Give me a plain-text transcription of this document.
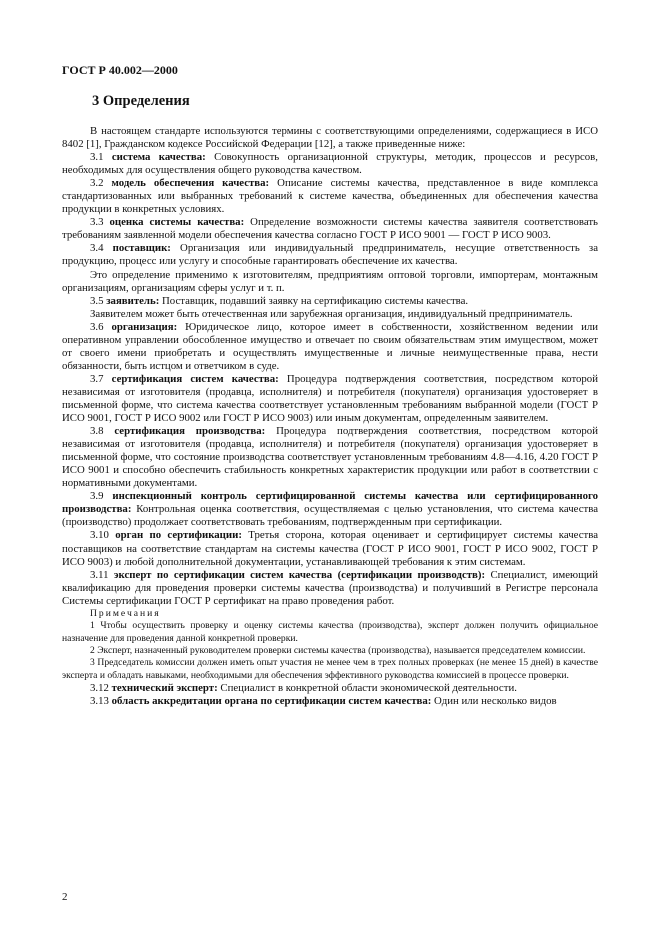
ГОСТ Р 40.002—2000
3 Определения

В настоящем стандарте используются термины с соответствующими определениями, содержащиеся в ИСО 8402 [1], Гражданском кодексе Российской Федерации [12], а также приведенные ниже:

3.1 система качества: Совокупность организационной структуры, методик, процессов и ресурсов, необходимых для осуществления общего руководства качеством.

3.2 модель обеспечения качества: Описание системы качества, представленное в виде комплекса стандартизованных или выбранных требований к системе качества, объединенных для обеспечения качества продукции в конкретных условиях.

3.3 оценка системы качества: Определение возможности системы качества заявителя соответствовать требованиям заявленной модели обеспечения качества согласно ГОСТ Р ИСО 9001 — ГОСТ Р ИСО 9003.

3.4 поставщик: Организация или индивидуальный предприниматель, несущие ответственность за продукцию, процесс или услугу и способные гарантировать обеспечение их качества.

Это определение применимо к изготовителям, предприятиям оптовой торговли, импортерам, монтажным организациям, организациям сферы услуг и т. п.

3.5 заявитель: Поставщик, подавший заявку на сертификацию системы качества.

Заявителем может быть отечественная или зарубежная организация, индивидуальный предприниматель.

3.6 организация: Юридическое лицо, которое имеет в собственности, хозяйственном ведении или оперативном управлении обособленное имущество и отвечает по своим обязательствам этим имуществом, может от своего имени приобретать и осуществлять имущественные и личные неимущественные права, нести обязанности, быть истцом и ответчиком в суде.

3.7 сертификация систем качества: Процедура подтверждения соответствия, посредством которой независимая от изготовителя (продавца, исполнителя) и потребителя (покупателя) организация удостоверяет в письменной форме, что система качества соответствует установленным требованиям выбранной модели (ГОСТ Р ИСО 9001, ГОСТ Р ИСО 9002 или ГОСТ Р ИСО 9003) или иным документам, определенным заявителем.

3.8 сертификация производства: Процедура подтверждения соответствия, посредством которой независимая от изготовителя (продавца, исполнителя) и потребителя (покупателя) организация удостоверяет в письменной форме, что состояние производства соответствует установленным требованиям 4.8—4.16, 4.20 ГОСТ Р ИСО 9001 и способно обеспечить стабильность конкретных характеристик продукции или работ в соответствии с нормативными документами.

3.9 инспекционный контроль сертифицированной системы качества или сертифицированного производства: Контрольная оценка соответствия, осуществляемая с целью установления, что система качества (производство) продолжает соответствовать требованиям, подтвержденным при сертификации.

3.10 орган по сертификации: Третья сторона, которая оценивает и сертифицирует системы качества поставщиков на соответствие стандартам на системы качества (ГОСТ Р ИСО 9001, ГОСТ Р ИСО 9002, ГОСТ Р ИСО 9003) и любой дополнительной документации, устанавливающей требования к этим системам.

3.11 эксперт по сертификации систем качества (сертификации производств): Специалист, имеющий квалификацию для проведения проверки системы качества (производства) и получивший в Регистре персонала Системы сертификации ГОСТ Р сертификат на право проведения работ.

Примечания

1 Чтобы осуществить проверку и оценку системы качества (производства), эксперт должен получить официальное назначение для проведения данной конкретной проверки.

2 Эксперт, назначенный руководителем проверки системы качества (производства), называется председателем комиссии.

3 Председатель комиссии должен иметь опыт участия не менее чем в трех полных проверках (не менее 15 дней) в качестве эксперта и обладать навыками, необходимыми для обеспечения эффективного руководства комиссией в процессе проверки.

3.12 технический эксперт: Специалист в конкретной области экономической деятельности.

3.13 область аккредитации органа по сертификации систем качества: Один или несколько видов

2
